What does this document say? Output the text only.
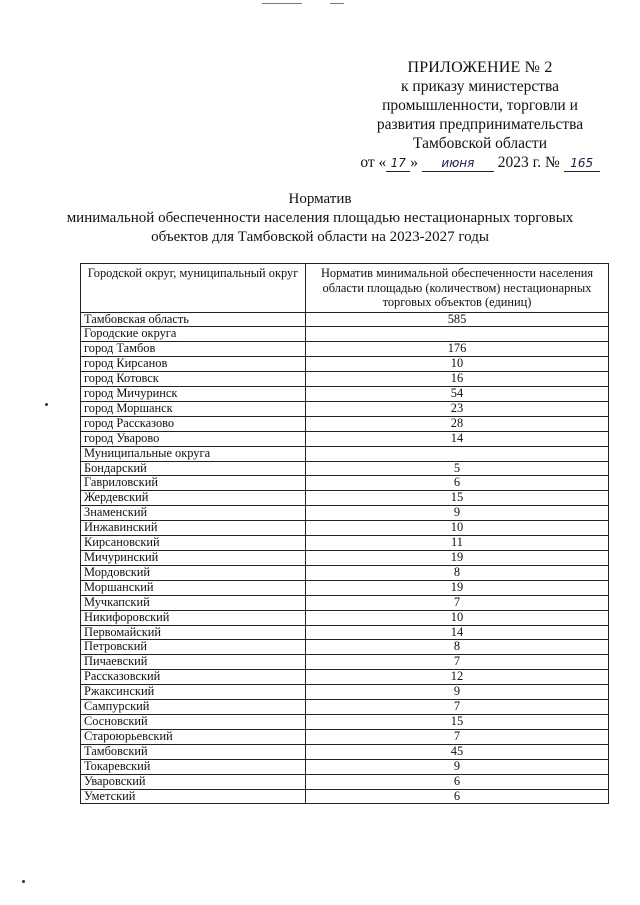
ПРИЛОЖЕНИЕ № 2
к приказу министерства
промышленности, торговли и
развития предпринимательства
Тамбовской области
от « 17 » июня 2023 г. № 165
Норматив
минимальной обеспеченности населения площадью нестационарных торговых
объектов для Тамбовской области на 2023-2027 годы
Городской округ, муниципальный округ	Норматив минимальной обеспеченности населения области площадью (количеством) нестационарных торговых объектов (единиц)
Тамбовская область	585
Городские округа	
город Тамбов	176
город Кирсанов	10
город Котовск	16
город Мичуринск	54
город Моршанск	23
город Рассказово	28
город Уварово	14
Муниципальные округа	
Бондарский	5
Гавриловский	6
Жердевский	15
Знаменский	9
Инжавинский	10
Кирсановский	11
Мичуринский	19
Мордовский	8
Моршанский	19
Мучкапский	7
Никифоровский	10
Первомайский	14
Петровский	8
Пичаевский	7
Рассказовский	12
Ржаксинский	9
Сампурский	7
Сосновский	15
Староюрьевский	7
Тамбовский	45
Токаревский	9
Уваровский	6
Уметский	6
